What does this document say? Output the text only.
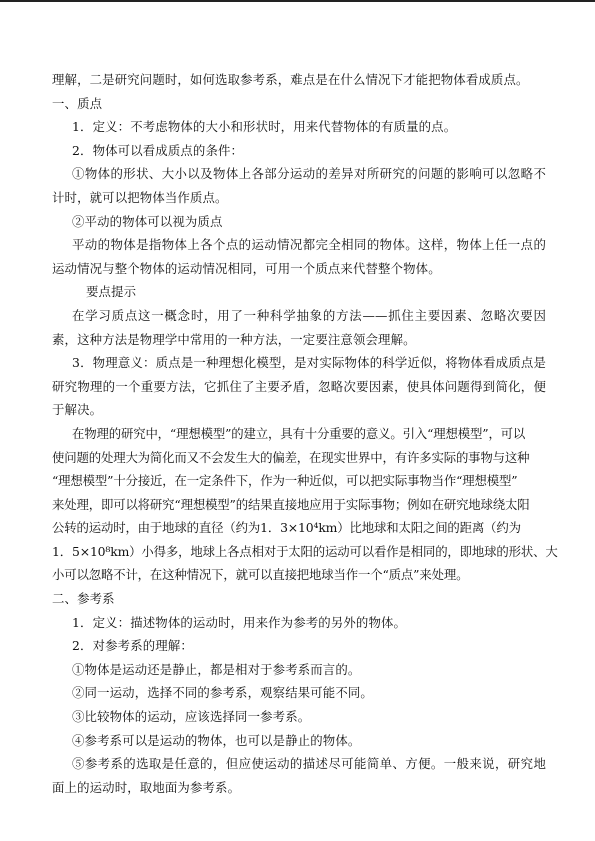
理解，二是研究问题时，如何选取参考系，难点是在什么情况下才能把物体看成质点。

一、质点

1．定义：不考虑物体的大小和形状时，用来代替物体的有质量的点。

2．物体可以看成质点的条件：

①物体的形状、大小以及物体上各部分运动的差异对所研究的问题的影响可以忽略不计时，就可以把物体当作质点。

②平动的物体可以视为质点

平动的物体是指物体上各个点的运动情况都完全相同的物体。这样，物体上任一点的运动情况与整个物体的运动情况相同，可用一个质点来代替整个物体。

要点提示

在学习质点这一概念时，用了一种科学抽象的方法——抓住主要因素、忽略次要因素，这种方法是物理学中常用的一种方法，一定要注意领会理解。

3．物理意义：质点是一种理想化模型，是对实际物体的科学近似，将物体看成质点是研究物理的一个重要方法，它抓住了主要矛盾，忽略次要因素，使具体问题得到简化，便于解决。

在物理的研究中，“理想模型”的建立，具有十分重要的意义。引入“理想模型”，可以
使问题的处理大为简化而又不会发生大的偏差，在现实世界中，有许多实际的事物与这种
“理想模型”十分接近，在一定条件下，作为一种近似，可以把实际事物当作“理想模型”
来处理，即可以将研究“理想模型”的结果直接地应用于实际事物；例如在研究地球绕太阳
公转的运动时，由于地球的直径（约为1．3×10⁴km）比地球和太阳之间的距离（约为
1．5×10⁸km）小得多，地球上各点相对于太阳的运动可以看作是相同的，即地球的形状、大
小可以忽略不计，在这种情况下，就可以直接把地球当作一个“质点”来处理。

二、参考系

1．定义：描述物体的运动时，用来作为参考的另外的物体。

2．对参考系的理解：

①物体是运动还是静止，都是相对于参考系而言的。

②同一运动，选择不同的参考系，观察结果可能不同。

③比较物体的运动，应该选择同一参考系。

④参考系可以是运动的物体，也可以是静止的物体。

⑤参考系的选取是任意的，但应使运动的描述尽可能简单、方便。一般来说，研究地面上的运动时，取地面为参考系。
